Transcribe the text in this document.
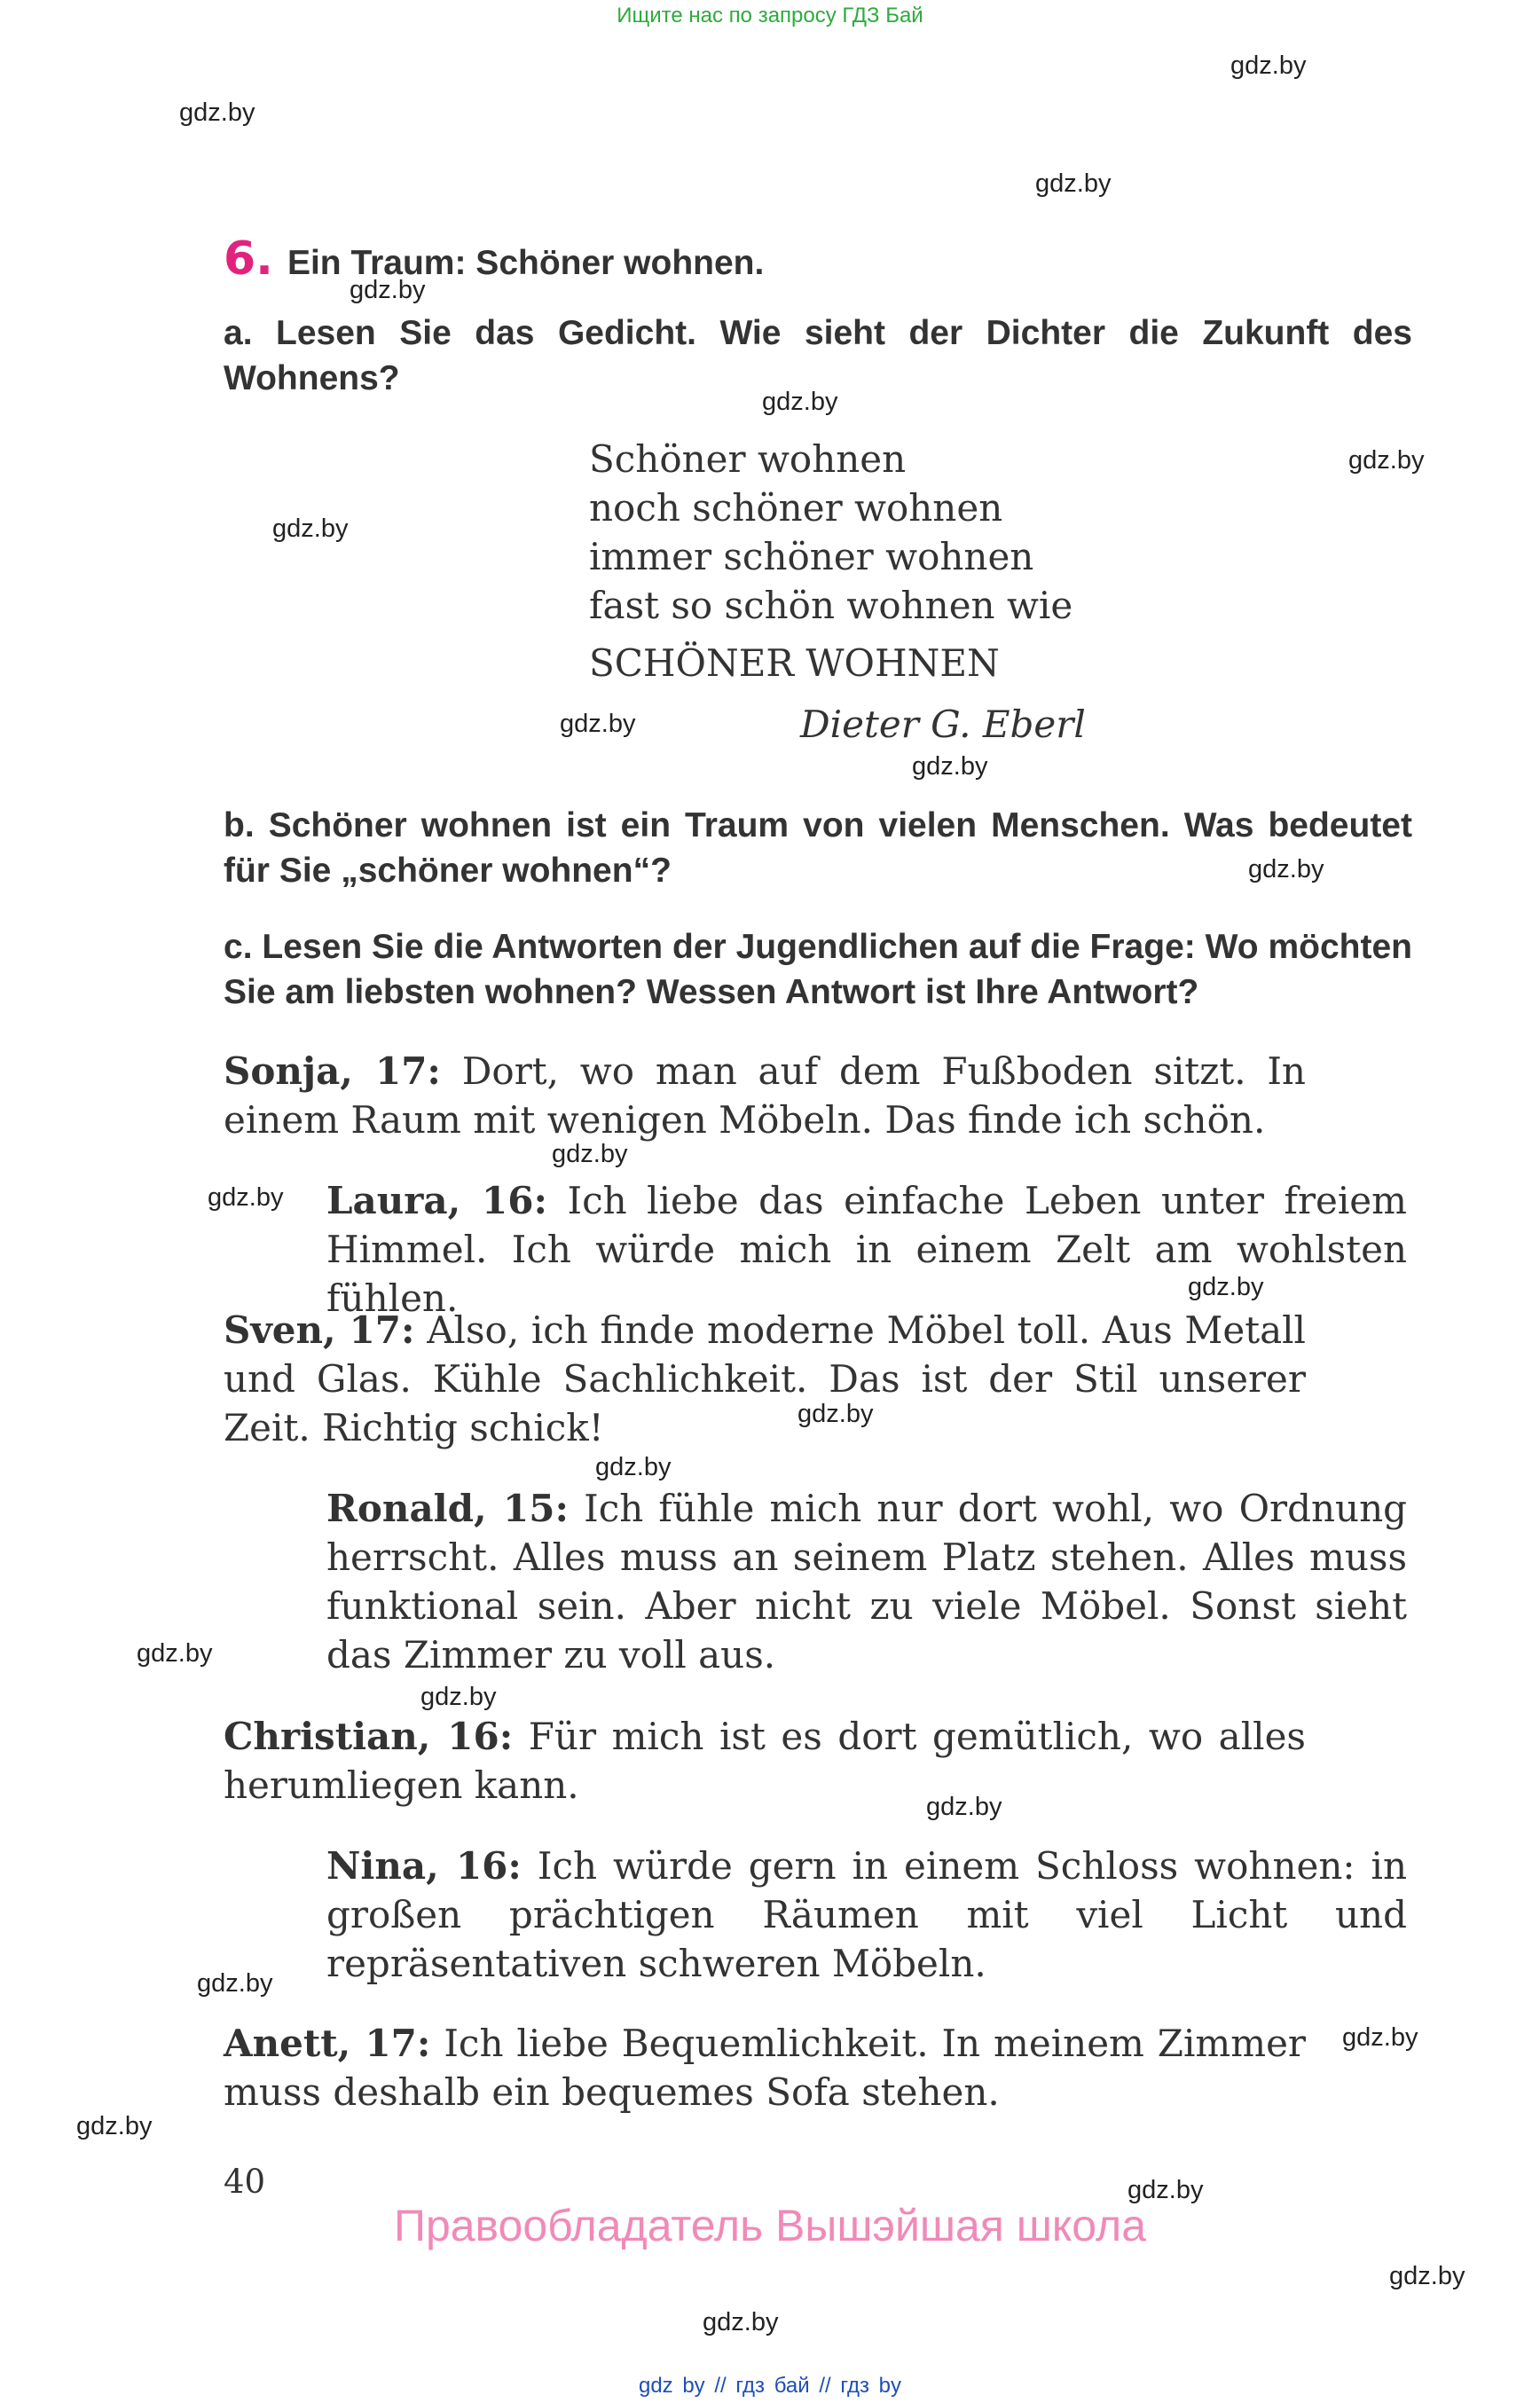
Ищите нас по запросу ГДЗ Бай
gdz.by
gdz.by
gdz.by
gdz.by
gdz.by
gdz.by
gdz.by
gdz.by
gdz.by
gdz.by
gdz.by
gdz.by
gdz.by
gdz.by
gdz.by
gdz.by
gdz.by
gdz.by
gdz.by
gdz.by
gdz.by
gdz.by
gdz.by
gdz.by
6. Ein Traum: Schöner wohnen.
a. Lesen Sie das Gedicht. Wie sieht der Dichter die Zukunft des Wohnens?
Schöner wohnen
noch schöner wohnen
immer schöner wohnen
fast so schön wohnen wie
SCHÖNER WOHNEN
Dieter G. Eberl
b. Schöner wohnen ist ein Traum von vielen Menschen. Was bedeutet für Sie „schöner wohnen“?
c. Lesen Sie die Antworten der Jugendlichen auf die Frage: Wo möchten Sie am liebsten wohnen? Wessen Antwort ist Ihre Antwort?
Sonja, 17: Dort, wo man auf dem Fußboden sitzt. In einem Raum mit wenigen Möbeln. Das finde ich schön.
Laura, 16: Ich liebe das einfache Leben unter freiem Himmel. Ich würde mich in einem Zelt am wohlsten fühlen.
Sven, 17: Also, ich finde moderne Möbel toll. Aus Metall und Glas. Kühle Sachlichkeit. Das ist der Stil unserer Zeit. Richtig schick!
Ronald, 15: Ich fühle mich nur dort wohl, wo Ordnung herrscht. Alles muss an seinem Platz stehen. Alles muss funktional sein. Aber nicht zu viele Möbel. Sonst sieht das Zimmer zu voll aus.
Christian, 16: Für mich ist es dort gemütlich, wo alles herumliegen kann.
Nina, 16: Ich würde gern in einem Schloss wohnen: in großen prächtigen Räumen mit viel Licht und repräsentativen schweren Möbeln.
Anett, 17: Ich liebe Bequemlichkeit. In meinem Zimmer muss deshalb ein bequemes Sofa stehen.
40
Правообладатель Вышэйшая школа
gdz by // гдз бай // гдз by
